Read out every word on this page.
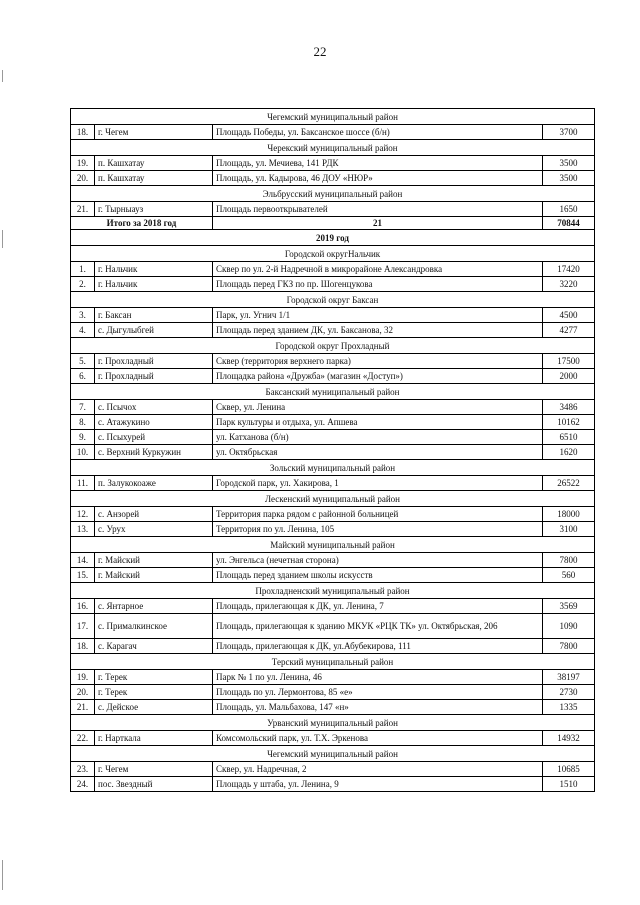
22
Чегемский муниципальный район			
18.	г. Чегем	Площадь Победы, ул. Баксанское шоссе (б/н)	3700
Черекский муниципальный район			
19.	п. Кашхатау	Площадь, ул. Мечиева, 141 РДК	3500
20.	п. Кашхатау	Площадь, ул. Кадырова, 46 ДОУ «НЮР»	3500
Эльбрусский муниципальный район			
21.	г. Тырныауз	Площадь первооткрывателей	1650
Итого за 2018 год		21	70844
2019 год			
Городской округНальчик			
1.	г. Нальчик	Сквер по ул. 2-й Надречной в микрорайоне Александровка	17420
2.	г. Нальчик	Площадь перед ГКЗ по пр. Шогенцукова	3220
Городской округ Баксан			
3.	г. Баксан	Парк, ул. Угнич 1/1	4500
4.	с. Дыгулыбгей	Площадь перед зданием ДК, ул. Баксанова, 32	4277
Городской округ Прохладный			
5.	г. Прохладный	Сквер (территория верхнего парка)	17500
6.	г. Прохладный	Площадка района «Дружба» (магазин «Доступ»)	2000
Баксанский муниципальный район			
7.	с. Псычох	Сквер, ул. Ленина	3486
8.	с. Атажукино	Парк культуры и отдыха, ул. Апшева	10162
9.	с. Псыхурей	ул. Катханова (б/н)	6510
10.	с. Верхний Куркужин	ул. Октябрьская	1620
Зольский муниципальный район			
11.	п. Залукокоаже	Городской парк, ул. Хакирова, 1	26522
Лескенский муниципальный район			
12.	с. Анзорей	Территория парка рядом с районной больницей	18000
13.	с. Урух	Территория по ул. Ленина, 105	3100
Майский муниципальный район			
14.	г. Майский	ул. Энгельса (нечетная сторона)	7800
15.	г. Майский	Площадь перед зданием школы искусств	560
Прохладненский муниципальный район			
16.	с. Янтарное	Площадь, прилегающая к ДК, ул. Ленина, 7	3569
17.	с. Прималкинское	Площадь, прилегающая к зданию МКУК «РЦК ТК» ул. Октябрьская, 206	1090
18.	с. Карагач	Площадь, прилегающая к ДК, ул.Абубекирова, 111	7800
Терский муниципальный район			
19.	г. Терек	Парк № 1 по ул. Ленина, 46	38197
20.	г. Терек	Площадь по ул. Лермонтова, 85 «е»	2730
21.	с. Дейское	Площадь, ул. Мальбахова, 147 «н»	1335
Урванский муниципальный район			
22.	г. Нарткала	Комсомольский парк, ул. Т.Х. Эркенова	14932
Чегемский муниципальный район			
23.	г. Чегем	Сквер, ул. Надречная, 2	10685
24.	пос. Звездный	Площадь у штаба, ул. Ленина, 9	1510
